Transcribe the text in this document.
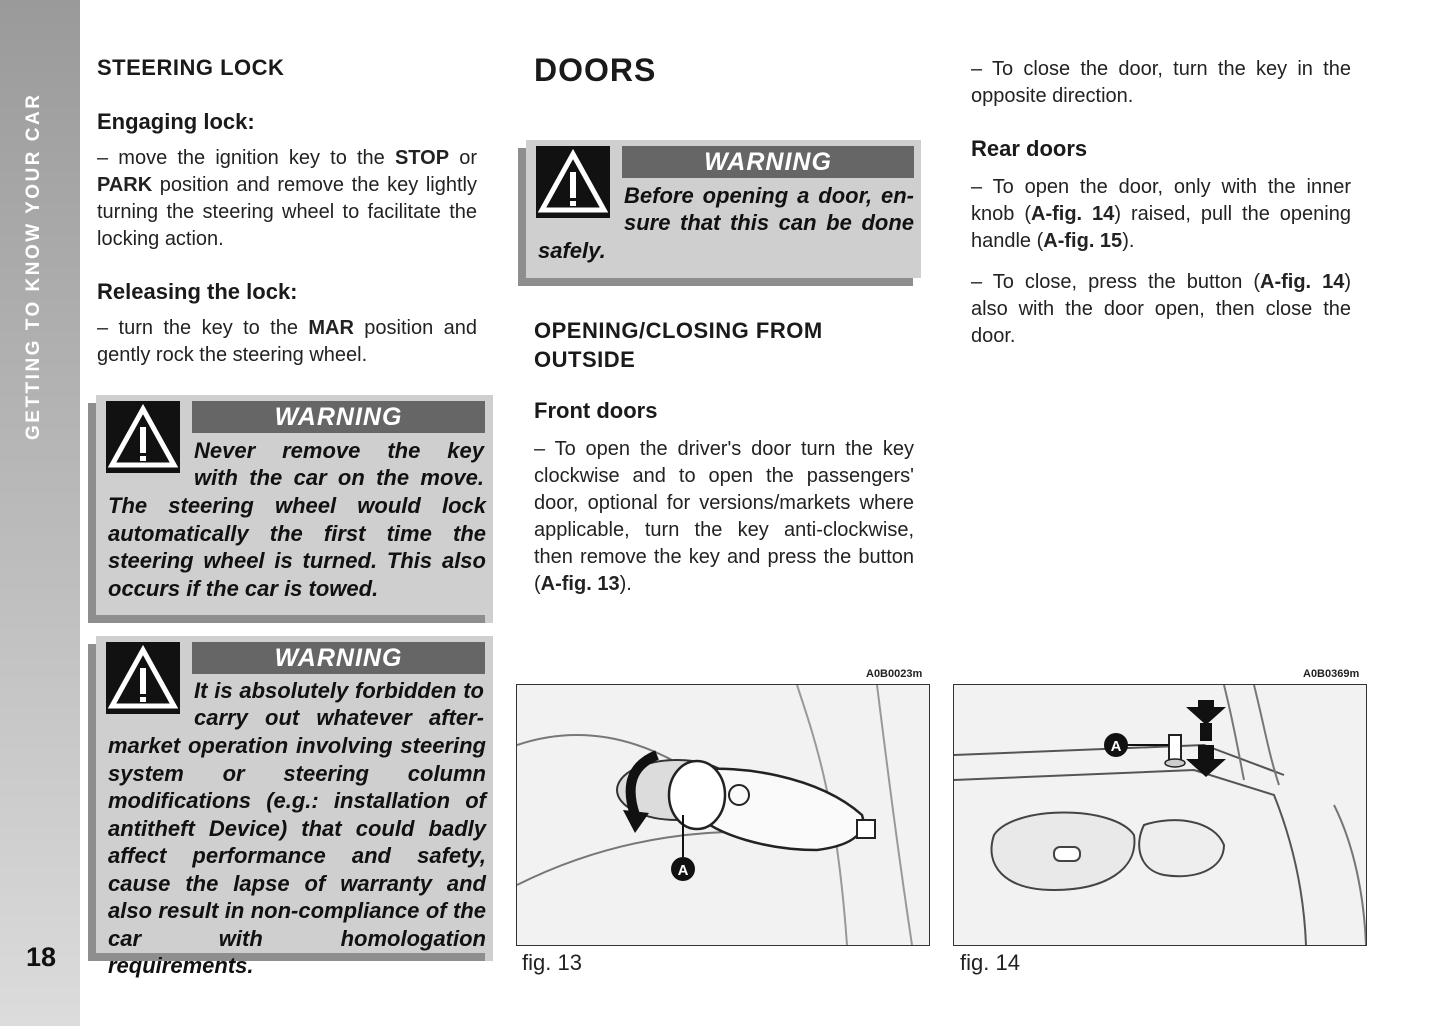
GETTING TO KNOW YOUR CAR
18
STEERING LOCK
Engaging lock:

– move the ignition key to the STOP or PARK position and remove the key lightly turning the steering wheel to facilitate the locking action.

Releasing the lock:

– turn the key to the MAR position and gently rock the steering wheel.

WARNING
Never remove the key
with the car on the move.
The steering wheel would lock automatically the first time the steering wheel is turned. This also occurs if the car is towed.
WARNING
It is absolutely forbidden to
carry out whatever after-
market operation involving steering system or steering column modifications (e.g.: installation of antitheft Device) that could badly affect performance and safety, cause the lapse of warranty and also result in non-compliance of the car with homologation requirements.
DOORS
WARNING
Before opening a door, en-
sure that this can be done
safely.
OPENING/CLOSING FROM OUTSIDE
Front doors

– To open the driver's door turn the key clockwise and to open the passengers' door, optional for versions/markets where applicable, turn the key anti-clockwise, then remove the key and press the button (A-fig. 13).

– To close the door, turn the key in the opposite direction.

Rear doors

– To open the door, only with the inner knob (A-fig. 14) raised, pull the opening handle (A-fig. 15).

– To close, press the button (A-fig. 14) also with the door open, then close the door.

A0B0023m
A
fig. 13
A0B0369m
A
fig. 14
